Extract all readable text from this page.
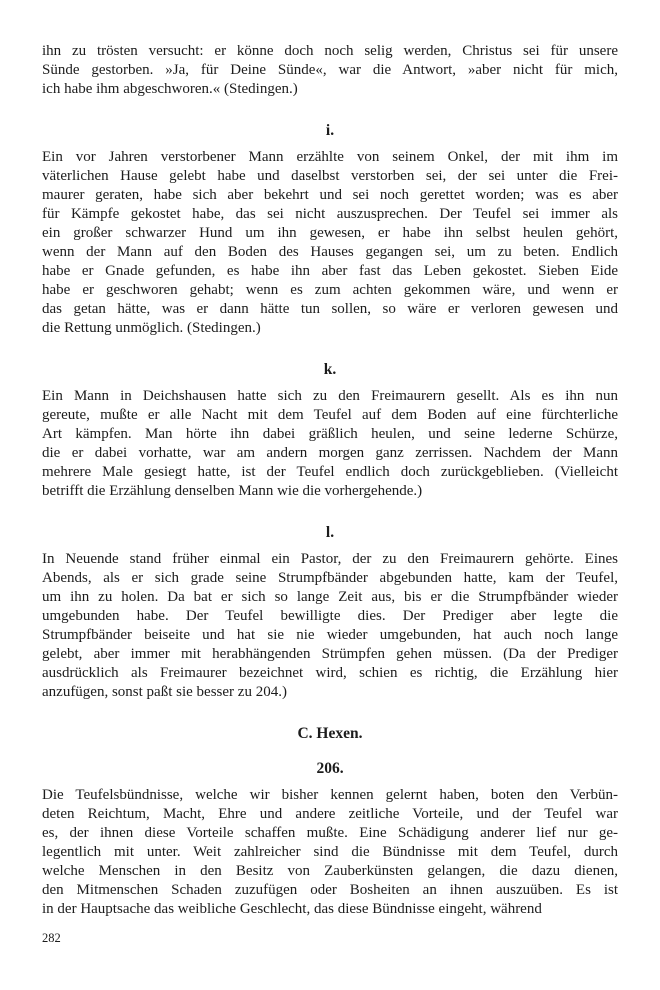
ihn zu trösten versucht: er könne doch noch selig werden, Christus sei für unsere
Sünde gestorben. »Ja, für Deine Sünde«, war die Antwort, »aber nicht für mich,
ich habe ihm abgeschworen.« (Stedingen.)

i.

Ein vor Jahren verstorbener Mann erzählte von seinem Onkel, der mit ihm im
väterlichen Hause gelebt habe und daselbst verstorben sei, der sei unter die Frei-
maurer geraten, habe sich aber bekehrt und sei noch gerettet worden; was es aber
für Kämpfe gekostet habe, das sei nicht auszusprechen. Der Teufel sei immer als
ein großer schwarzer Hund um ihn gewesen, er habe ihn selbst heulen gehört,
wenn der Mann auf den Boden des Hauses gegangen sei, um zu beten. Endlich
habe er Gnade gefunden, es habe ihn aber fast das Leben gekostet. Sieben Eide
habe er geschworen gehabt; wenn es zum achten gekommen wäre, und wenn er
das getan hätte, was er dann hätte tun sollen, so wäre er verloren gewesen und
die Rettung unmöglich. (Stedingen.)

k.

Ein Mann in Deichshausen hatte sich zu den Freimaurern gesellt. Als es ihn nun
gereute, mußte er alle Nacht mit dem Teufel auf dem Boden auf eine fürchterliche
Art kämpfen. Man hörte ihn dabei gräßlich heulen, und seine lederne Schürze,
die er dabei vorhatte, war am andern morgen ganz zerrissen. Nachdem der Mann
mehrere Male gesiegt hatte, ist der Teufel endlich doch zurückgeblieben. (Vielleicht
betrifft die Erzählung denselben Mann wie die vorhergehende.)

l.

In Neuende stand früher einmal ein Pastor, der zu den Freimaurern gehörte. Eines
Abends, als er sich grade seine Strumpfbänder abgebunden hatte, kam der Teufel,
um ihn zu holen. Da bat er sich so lange Zeit aus, bis er die Strumpfbänder wieder
umgebunden habe. Der Teufel bewilligte dies. Der Prediger aber legte die
Strumpfbänder beiseite und hat sie nie wieder umgebunden, hat auch noch lange
gelebt, aber immer mit herabhängenden Strümpfen gehen müssen. (Da der Prediger
ausdrücklich als Freimaurer bezeichnet wird, schien es richtig, die Erzählung hier
anzufügen, sonst paßt sie besser zu 204.)

C. Hexen.
206.

Die Teufelsbündnisse, welche wir bisher kennen gelernt haben, boten den Verbün-
deten Reichtum, Macht, Ehre und andere zeitliche Vorteile, und der Teufel war
es, der ihnen diese Vorteile schaffen mußte. Eine Schädigung anderer lief nur ge-
legentlich mit unter. Weit zahlreicher sind die Bündnisse mit dem Teufel, durch
welche Menschen in den Besitz von Zauberkünsten gelangen, die dazu dienen,
den Mitmenschen Schaden zuzufügen oder Bosheiten an ihnen auszuüben. Es ist
in der Hauptsache das weibliche Geschlecht, das diese Bündnisse eingeht, während

282
